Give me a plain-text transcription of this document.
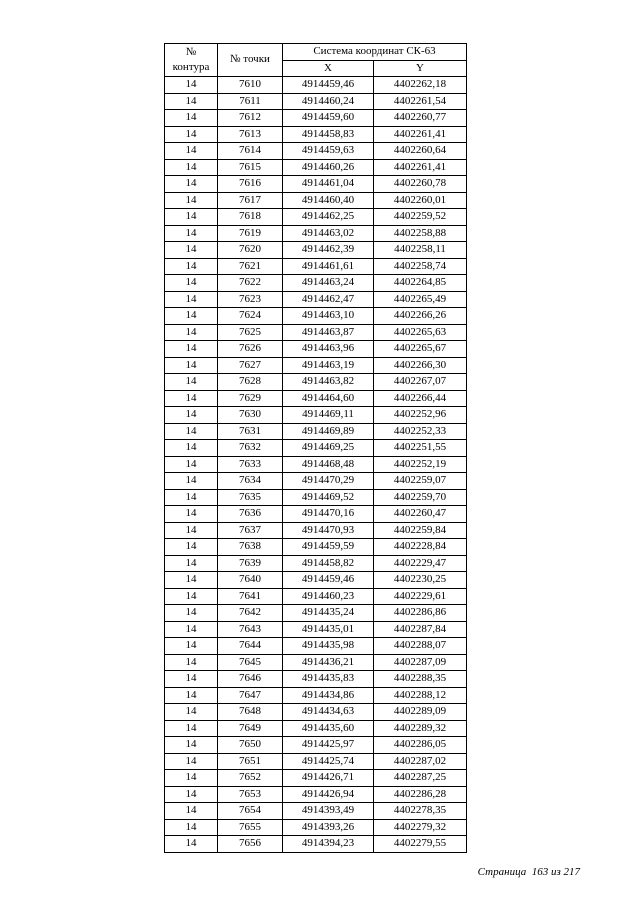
№
контура	№ точки	Система координат СК-63	
		X	Y
14	7610	4914459,46	4402262,18
14	7611	4914460,24	4402261,54
14	7612	4914459,60	4402260,77
14	7613	4914458,83	4402261,41
14	7614	4914459,63	4402260,64
14	7615	4914460,26	4402261,41
14	7616	4914461,04	4402260,78
14	7617	4914460,40	4402260,01
14	7618	4914462,25	4402259,52
14	7619	4914463,02	4402258,88
14	7620	4914462,39	4402258,11
14	7621	4914461,61	4402258,74
14	7622	4914463,24	4402264,85
14	7623	4914462,47	4402265,49
14	7624	4914463,10	4402266,26
14	7625	4914463,87	4402265,63
14	7626	4914463,96	4402265,67
14	7627	4914463,19	4402266,30
14	7628	4914463,82	4402267,07
14	7629	4914464,60	4402266,44
14	7630	4914469,11	4402252,96
14	7631	4914469,89	4402252,33
14	7632	4914469,25	4402251,55
14	7633	4914468,48	4402252,19
14	7634	4914470,29	4402259,07
14	7635	4914469,52	4402259,70
14	7636	4914470,16	4402260,47
14	7637	4914470,93	4402259,84
14	7638	4914459,59	4402228,84
14	7639	4914458,82	4402229,47
14	7640	4914459,46	4402230,25
14	7641	4914460,23	4402229,61
14	7642	4914435,24	4402286,86
14	7643	4914435,01	4402287,84
14	7644	4914435,98	4402288,07
14	7645	4914436,21	4402287,09
14	7646	4914435,83	4402288,35
14	7647	4914434,86	4402288,12
14	7648	4914434,63	4402289,09
14	7649	4914435,60	4402289,32
14	7650	4914425,97	4402286,05
14	7651	4914425,74	4402287,02
14	7652	4914426,71	4402287,25
14	7653	4914426,94	4402286,28
14	7654	4914393,49	4402278,35
14	7655	4914393,26	4402279,32
14	7656	4914394,23	4402279,55
Страница 163 из 217
